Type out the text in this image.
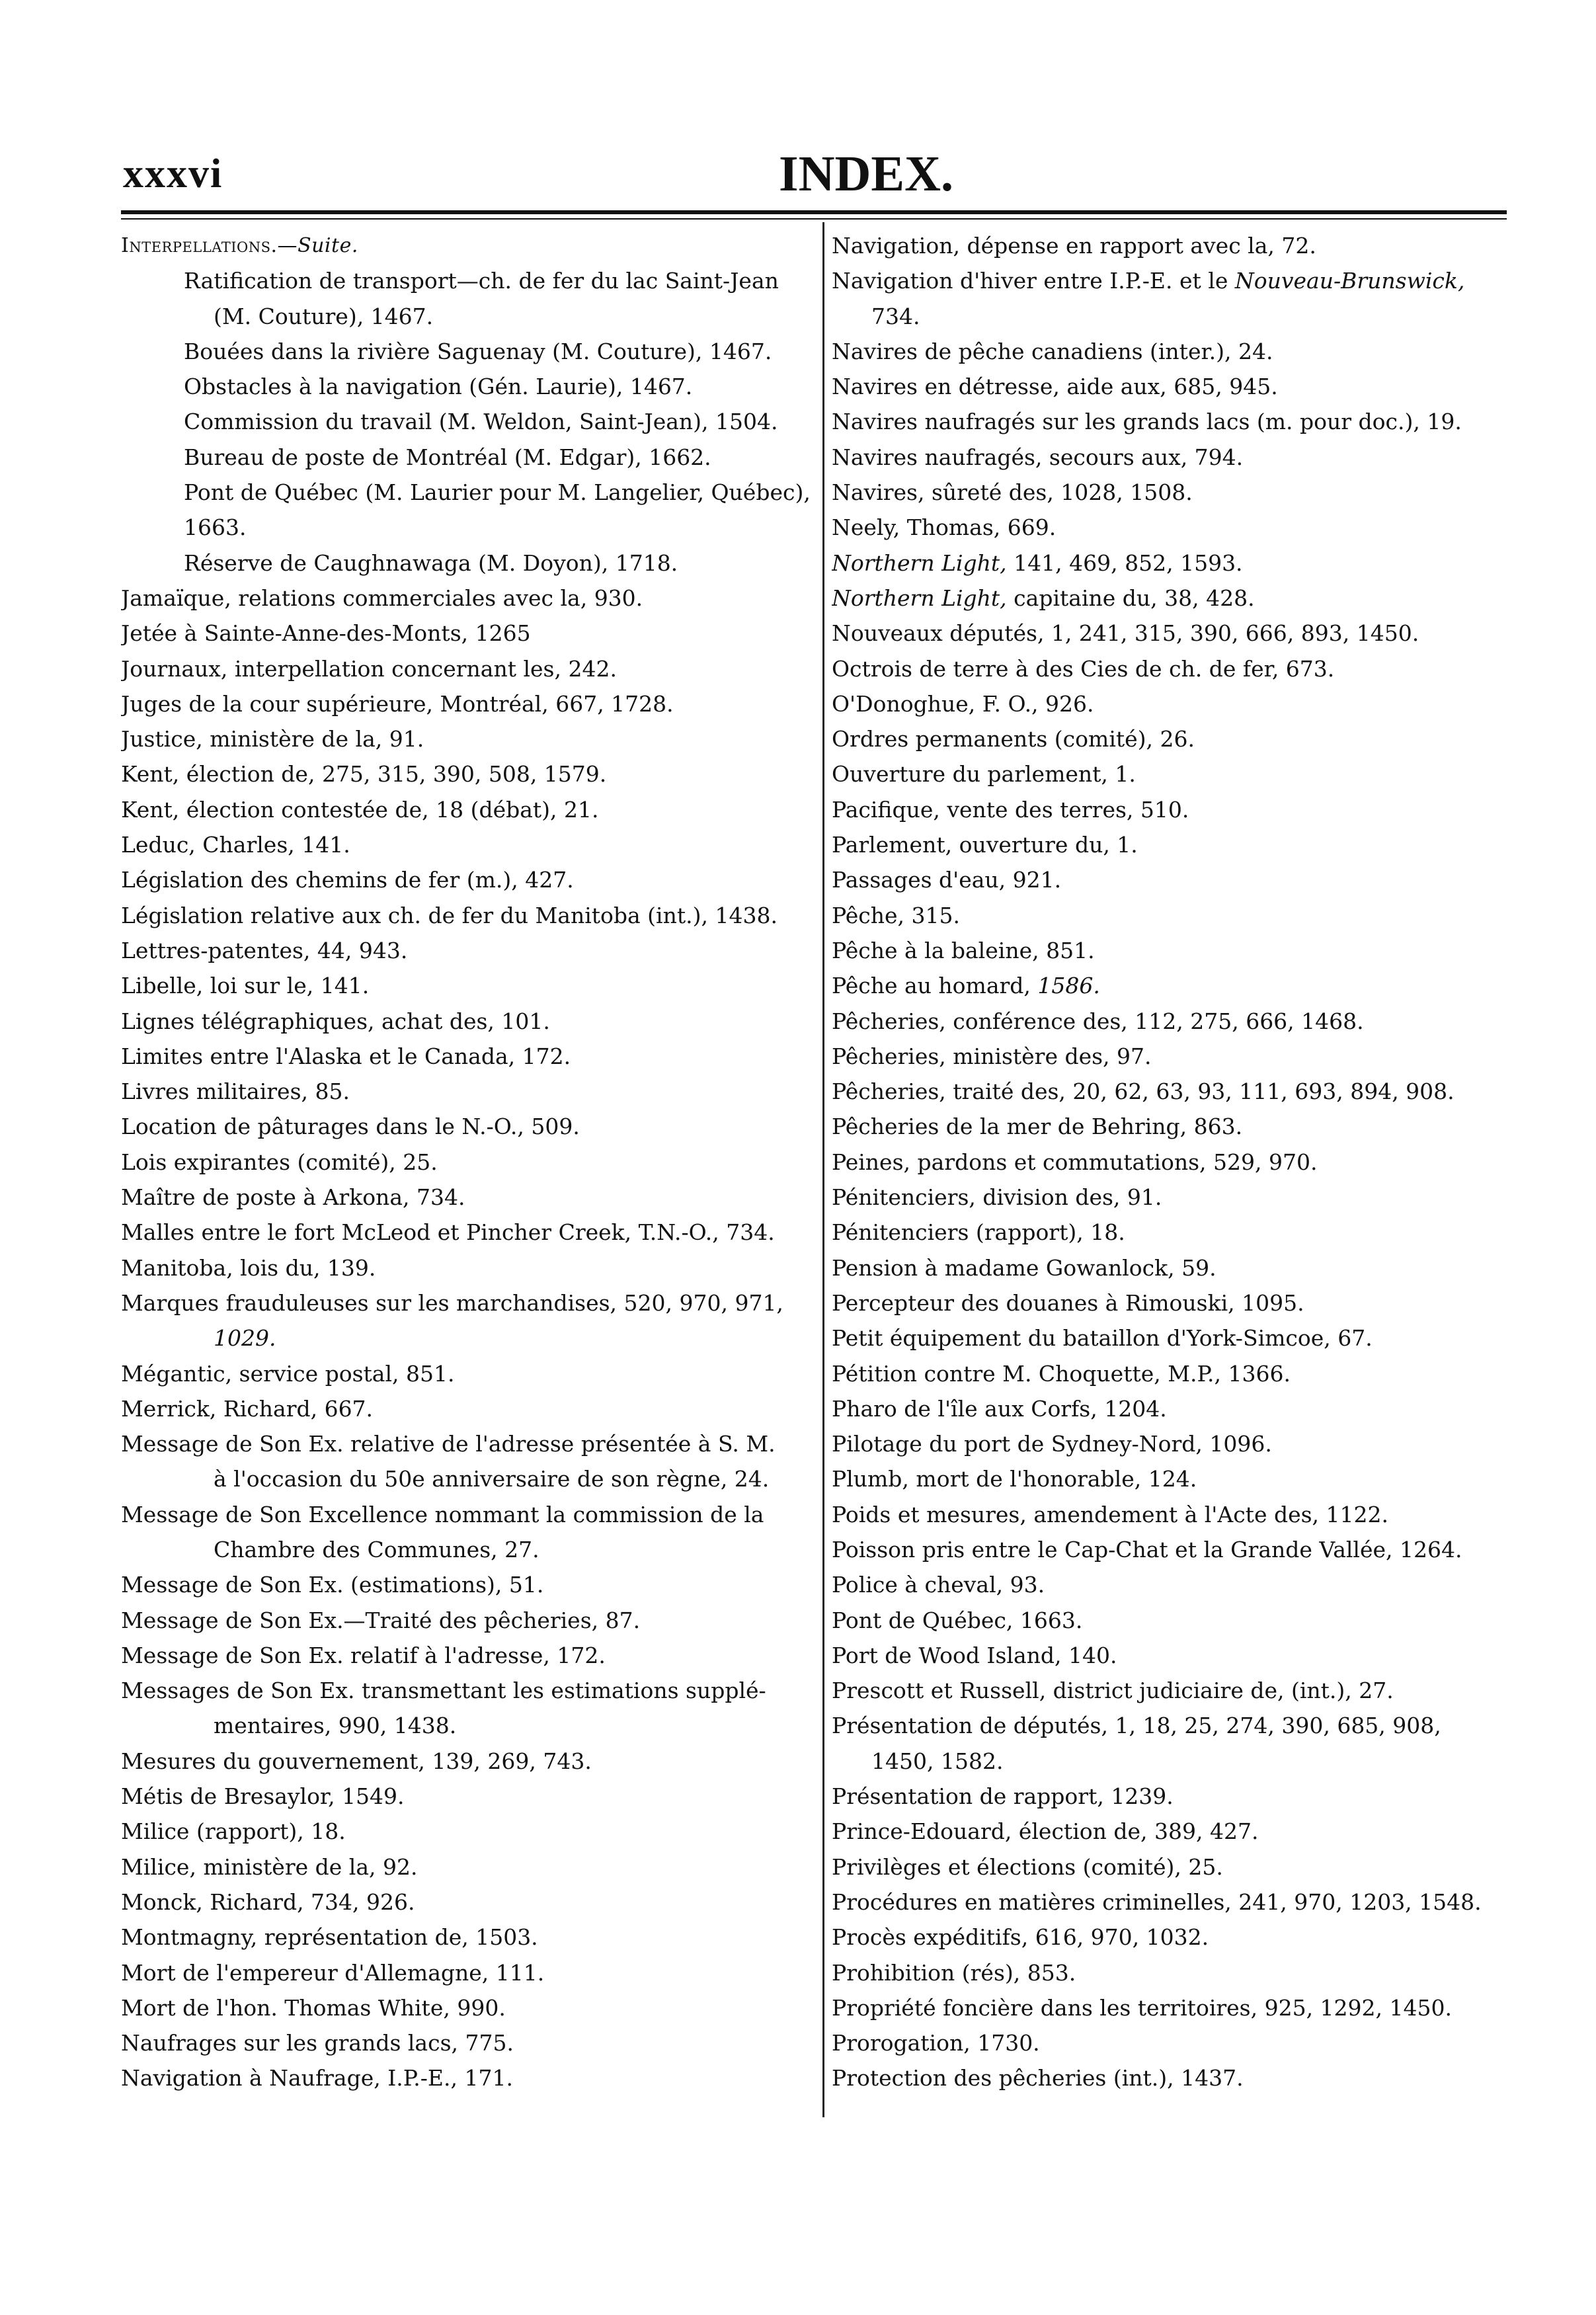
xxxvi	INDEX.
Interpellations.—Suite.
Ratification de transport—ch. de fer du lac Saint-Jean
(M. Couture), 1467.
Bouées dans la rivière Saguenay (M. Couture), 1467.
Obstacles à la navigation (Gén. Laurie), 1467.
Commission du travail (M. Weldon, Saint-Jean), 1504.
Bureau de poste de Montréal (M. Edgar), 1662.
Pont de Québec (M. Laurier pour M. Langelier, Québec),
1663.
Réserve de Caughnawaga (M. Doyon), 1718.
Jamaïque, relations commerciales avec la, 930.
Jetée à Sainte-Anne-des-Monts, 1265
Journaux, interpellation concernant les, 242.
Juges de la cour supérieure, Montréal, 667, 1728.
Justice, ministère de la, 91.
Kent, élection de, 275, 315, 390, 508, 1579.
Kent, élection contestée de, 18 (débat), 21.
Leduc, Charles, 141.
Législation des chemins de fer (m.), 427.
Législation relative aux ch. de fer du Manitoba (int.), 1438.
Lettres-patentes, 44, 943.
Libelle, loi sur le, 141.
Lignes télégraphiques, achat des, 101.
Limites entre l'Alaska et le Canada, 172.
Livres militaires, 85.
Location de pâturages dans le N.-O., 509.
Lois expirantes (comité), 25.
Maître de poste à Arkona, 734.
Malles entre le fort McLeod et Pincher Creek, T.N.-O., 734.
Manitoba, lois du, 139.
Marques frauduleuses sur les marchandises, 520, 970, 971,
1029.
Mégantic, service postal, 851.
Merrick, Richard, 667.
Message de Son Ex. relative de l'adresse présentée à S. M.
à l'occasion du 50e anniversaire de son règne, 24.
Message de Son Excellence nommant la commission de la
Chambre des Communes, 27.
Message de Son Ex. (estimations), 51.
Message de Son Ex.—Traité des pêcheries, 87.
Message de Son Ex. relatif à l'adresse, 172.
Messages de Son Ex. transmettant les estimations supplé-
mentaires, 990, 1438.
Mesures du gouvernement, 139, 269, 743.
Métis de Bresaylor, 1549.
Milice (rapport), 18.
Milice, ministère de la, 92.
Monck, Richard, 734, 926.
Montmagny, représentation de, 1503.
Mort de l'empereur d'Allemagne, 111.
Mort de l'hon. Thomas White, 990.
Naufrages sur les grands lacs, 775.
Navigation à Naufrage, I.P.-E., 171.
Navigation, dépense en rapport avec la, 72.
Navigation d'hiver entre I.P.-E. et le Nouveau-Brunswick,
734.
Navires de pêche canadiens (inter.), 24.
Navires en détresse, aide aux, 685, 945.
Navires naufragés sur les grands lacs (m. pour doc.), 19.
Navires naufragés, secours aux, 794.
Navires, sûreté des, 1028, 1508.
Neely, Thomas, 669.
Northern Light, 141, 469, 852, 1593.
Northern Light, capitaine du, 38, 428.
Nouveaux députés, 1, 241, 315, 390, 666, 893, 1450.
Octrois de terre à des Cies de ch. de fer, 673.
O'Donoghue, F. O., 926.
Ordres permanents (comité), 26.
Ouverture du parlement, 1.
Pacifique, vente des terres, 510.
Parlement, ouverture du, 1.
Passages d'eau, 921.
Pêche, 315.
Pêche à la baleine, 851.
Pêche au homard, 1586.
Pêcheries, conférence des, 112, 275, 666, 1468.
Pêcheries, ministère des, 97.
Pêcheries, traité des, 20, 62, 63, 93, 111, 693, 894, 908.
Pêcheries de la mer de Behring, 863.
Peines, pardons et commutations, 529, 970.
Pénitenciers, division des, 91.
Pénitenciers (rapport), 18.
Pension à madame Gowanlock, 59.
Percepteur des douanes à Rimouski, 1095.
Petit équipement du bataillon d'York-Simcoe, 67.
Pétition contre M. Choquette, M.P., 1366.
Pharo de l'île aux Corfs, 1204.
Pilotage du port de Sydney-Nord, 1096.
Plumb, mort de l'honorable, 124.
Poids et mesures, amendement à l'Acte des, 1122.
Poisson pris entre le Cap-Chat et la Grande Vallée, 1264.
Police à cheval, 93.
Pont de Québec, 1663.
Port de Wood Island, 140.
Prescott et Russell, district judiciaire de, (int.), 27.
Présentation de députés, 1, 18, 25, 274, 390, 685, 908,
1450, 1582.
Présentation de rapport, 1239.
Prince-Edouard, élection de, 389, 427.
Privilèges et élections (comité), 25.
Procédures en matières criminelles, 241, 970, 1203, 1548.
Procès expéditifs, 616, 970, 1032.
Prohibition (rés), 853.
Propriété foncière dans les territoires, 925, 1292, 1450.
Prorogation, 1730.
Protection des pêcheries (int.), 1437.
